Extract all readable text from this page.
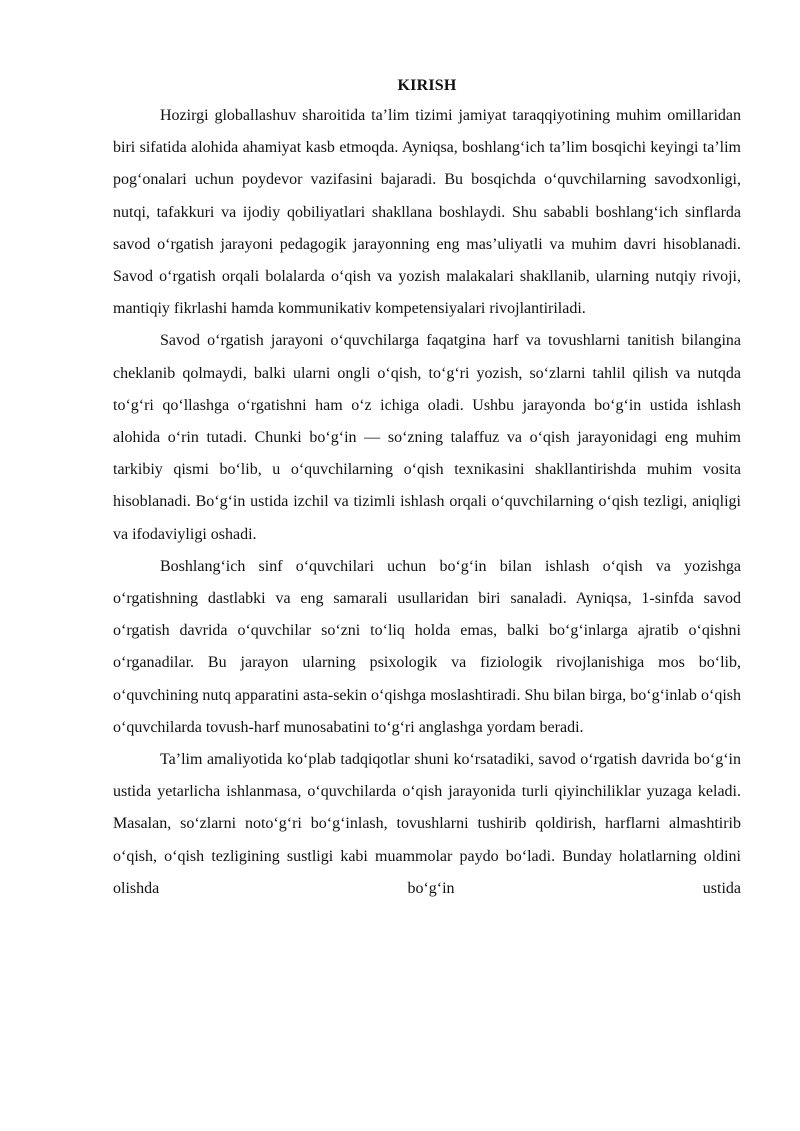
KIRISH

Hozirgi globallashuv sharoitida ta’lim tizimi jamiyat taraqqiyotining muhim omillaridan biri sifatida alohida ahamiyat kasb etmoqda. Ayniqsa, boshlang‘ich ta’lim bosqichi keyingi ta’lim pog‘onalari uchun poydevor vazifasini bajaradi. Bu bosqichda o‘quvchilarning savodxonligi, nutqi, tafakkuri va ijodiy qobiliyatlari shakllana boshlaydi. Shu sababli boshlang‘ich sinflarda savod o‘rgatish jarayoni pedagogik jarayonning eng mas’uliyatli va muhim davri hisoblanadi. Savod o‘rgatish orqali bolalarda o‘qish va yozish malakalari shakllanib, ularning nutqiy rivoji, mantiqiy fikrlashi hamda kommunikativ kompetensiyalari rivojlantiriladi.

Savod o‘rgatish jarayoni o‘quvchilarga faqatgina harf va tovushlarni tanitish bilangina cheklanib qolmaydi, balki ularni ongli o‘qish, to‘g‘ri yozish, so‘zlarni tahlil qilish va nutqda to‘g‘ri qo‘llashga o‘rgatishni ham o‘z ichiga oladi. Ushbu jarayonda bo‘g‘in ustida ishlash alohida o‘rin tutadi. Chunki bo‘g‘in — so‘zning talaffuz va o‘qish jarayonidagi eng muhim tarkibiy qismi bo‘lib, u o‘quvchilarning o‘qish texnikasini shakllantirishda muhim vosita hisoblanadi. Bo‘g‘in ustida izchil va tizimli ishlash orqali o‘quvchilarning o‘qish tezligi, aniqligi va ifodaviyligi oshadi.

Boshlang‘ich sinf o‘quvchilari uchun bo‘g‘in bilan ishlash o‘qish va yozishga o‘rgatishning dastlabki va eng samarali usullaridan biri sanaladi. Ayniqsa, 1-sinfda savod o‘rgatish davrida o‘quvchilar so‘zni to‘liq holda emas, balki bo‘g‘inlarga ajratib o‘qishni o‘rganadilar. Bu jarayon ularning psixologik va fiziologik rivojlanishiga mos bo‘lib, o‘quvchining nutq apparatini asta-sekin o‘qishga moslashtiradi. Shu bilan birga, bo‘g‘inlab o‘qish o‘quvchilarda tovush-harf munosabatini to‘g‘ri anglashga yordam beradi.

Ta’lim amaliyotida ko‘plab tadqiqotlar shuni ko‘rsatadiki, savod o‘rgatish davrida bo‘g‘in ustida yetarlicha ishlanmasa, o‘quvchilarda o‘qish jarayonida turli qiyinchiliklar yuzaga keladi. Masalan, so‘zlarni noto‘g‘ri bo‘g‘inlash, tovushlarni tushirib qoldirish, harflarni almashtirib o‘qish, o‘qish tezligining sustligi kabi muammolar paydo bo‘ladi. Bunday holatlarning oldini olishda bo‘g‘in ustida
